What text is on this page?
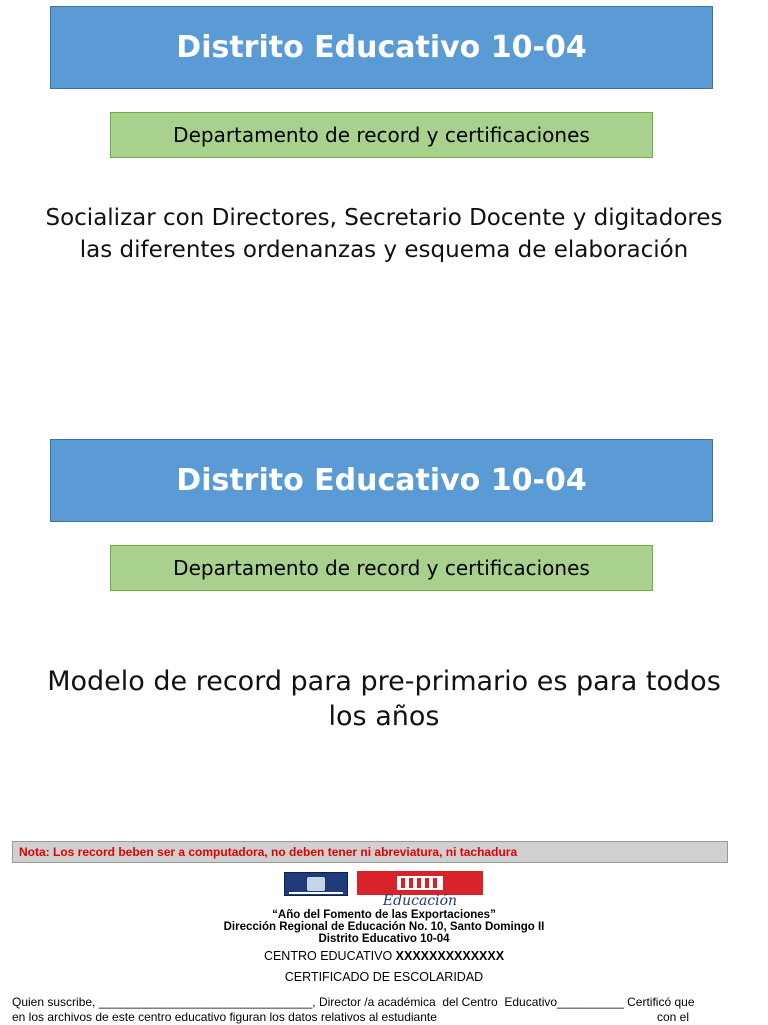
Distrito Educativo 10-04
Departamento de record y certificaciones
Socializar con Directores, Secretario Docente y digitadores las diferentes ordenanzas y esquema de elaboración
Distrito Educativo 10-04
Departamento de record y certificaciones
Modelo de record para pre-primario es para todos los años
Nota: Los record beben ser a computadora, no deben tener ni abreviatura, ni tachadura
Educación
“Año del Fomento de las Exportaciones”
Dirección Regional de Educación No. 10, Santo Domingo II
Distrito Educativo 10-04
CENTRO EDUCATIVO XXXXXXXXXXXXX
CERTIFICADO DE ESCOLARIDAD
Quien suscribe, ________________________________, Director /a académica  del Centro  Educativo__________ Certificó que
en los archivos de este centro educativo figuran los datos relativos al estudiante                                                                  con el
